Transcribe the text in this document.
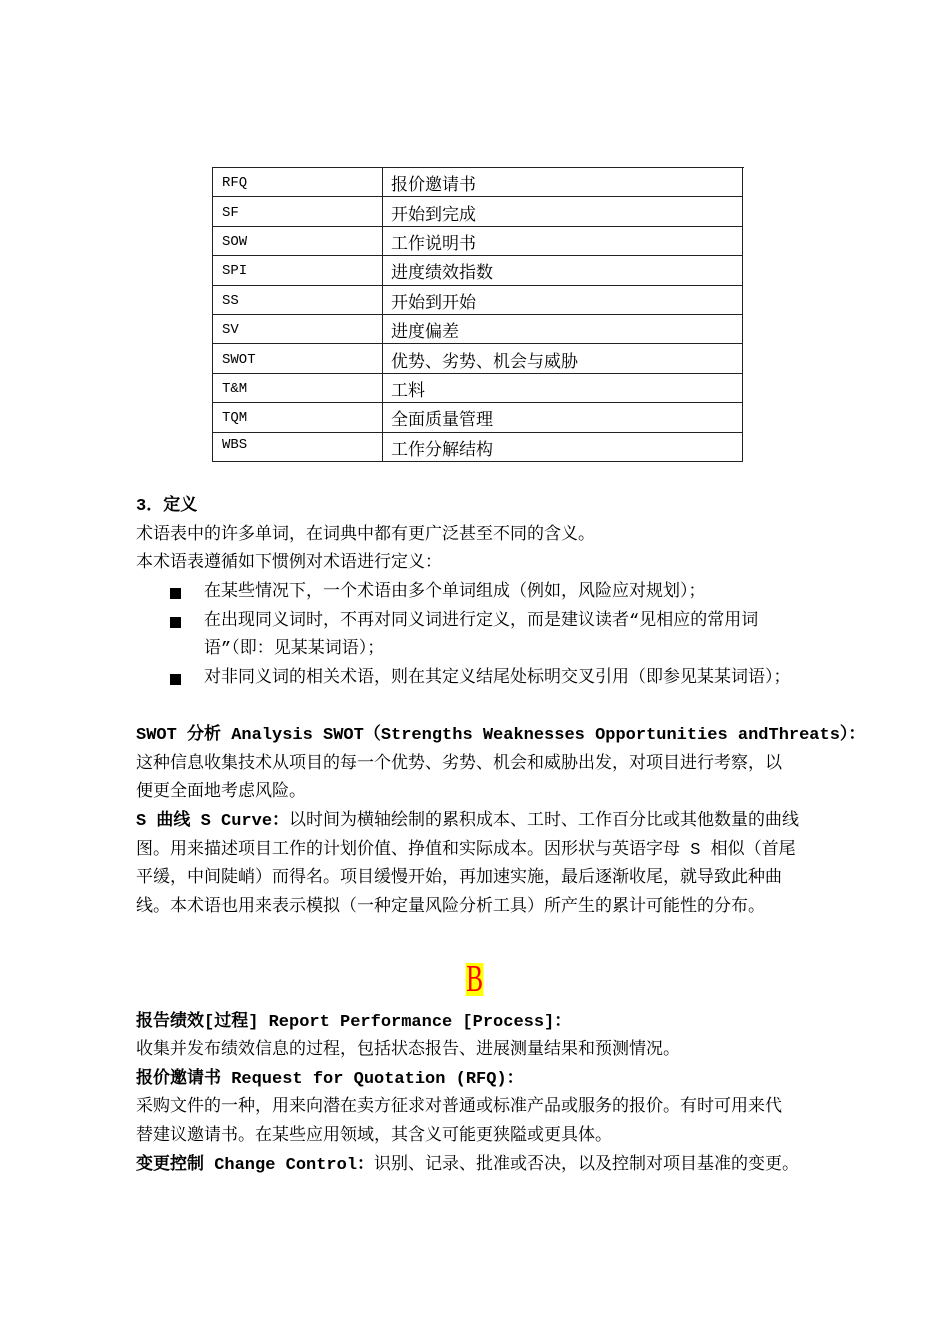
RFQ	报价邀请书
SF	开始到完成
SOW	工作说明书
SPI	进度绩效指数
SS	开始到开始
SV	进度偏差
SWOT	优势、劣势、机会与威胁
T&M	工料
TQM	全面质量管理
WBS	工作分解结构
3．定义
术语表中的许多单词，在词典中都有更广泛甚至不同的含义。
本术语表遵循如下惯例对术语进行定义：
在某些情况下，一个术语由多个单词组成（例如，风险应对规划）；
在出现同义词时，不再对同义词进行定义，而是建议读者“见相应的常用词
语”（即：见某某词语）；
对非同义词的相关术语，则在其定义结尾处标明交叉引用（即参见某某词语）；
SWOT 分析 Analysis SWOT（Strengths Weaknesses Opportunities andThreats）：
这种信息收集技术从项目的每一个优势、劣势、机会和威胁出发，对项目进行考察，以
便更全面地考虑风险。
S 曲线 S Curve：以时间为横轴绘制的累积成本、工时、工作百分比或其他数量的曲线
图。用来描述项目工作的计划价值、挣值和实际成本。因形状与英语字母 S 相似（首尾
平缓，中间陡峭）而得名。项目缓慢开始，再加速实施，最后逐渐收尾，就导致此种曲
线。本术语也用来表示模拟（一种定量风险分析工具）所产生的累计可能性的分布。
B
报告绩效[过程] Report Performance [Process]：
收集并发布绩效信息的过程，包括状态报告、进展测量结果和预测情况。
报价邀请书 Request for Quotation (RFQ)：
采购文件的一种，用来向潜在卖方征求对普通或标准产品或服务的报价。有时可用来代
替建议邀请书。在某些应用领域，其含义可能更狭隘或更具体。
变更控制 Change Control：识别、记录、批准或否决，以及控制对项目基准的变更。
